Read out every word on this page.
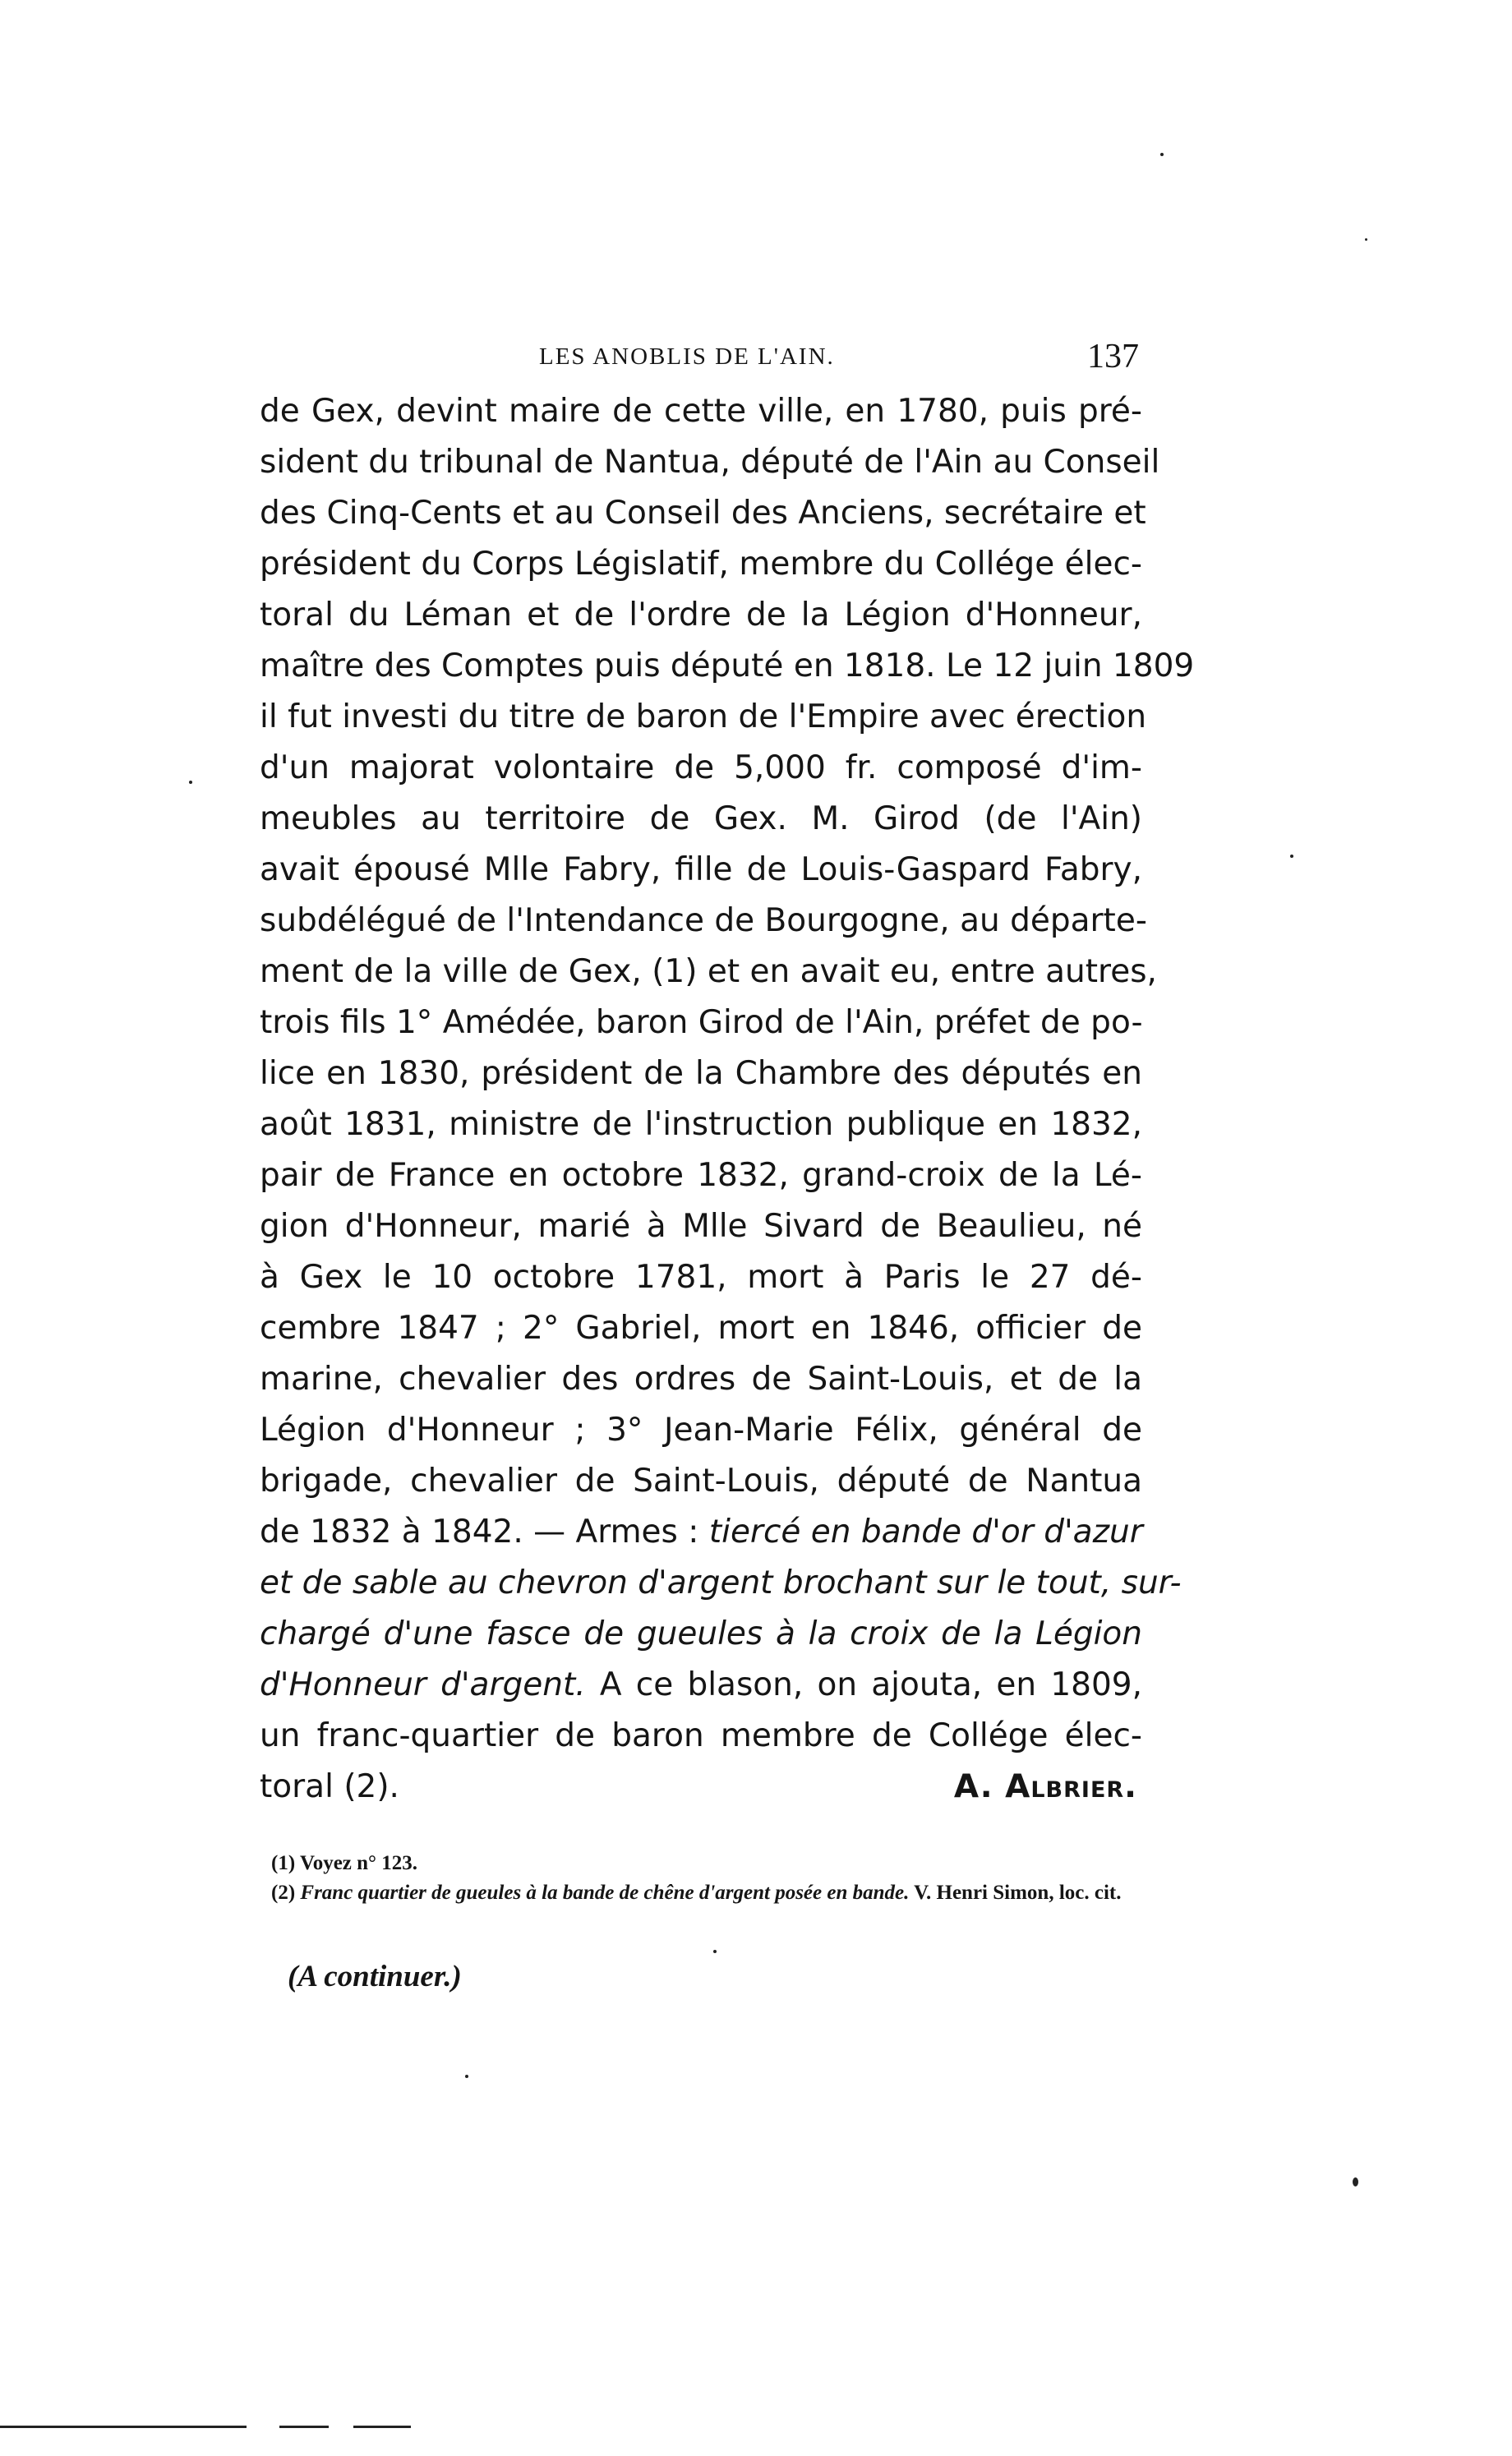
LES ANOBLIS DE L'AIN.	137
de Gex, devint maire de cette ville, en 1780, puis pré-
sident du tribunal de Nantua, député de l'Ain au Conseil
des Cinq-Cents et au Conseil des Anciens, secrétaire et
président du Corps Législatif, membre du Collége élec-
toral du Léman et de l'ordre de la Légion d'Honneur,
maître des Comptes puis député en 1818. Le 12 juin 1809
il fut investi du titre de baron de l'Empire avec érection
d'un majorat volontaire de 5,000 fr. composé d'im-
meubles au territoire de Gex. M. Girod (de l'Ain)
avait épousé Mlle Fabry, fille de Louis-Gaspard Fabry,
subdélégué de l'Intendance de Bourgogne, au départe-
ment de la ville de Gex, (1) et en avait eu, entre autres,
trois fils 1° Amédée, baron Girod de l'Ain, préfet de po-
lice en 1830, président de la Chambre des députés en
août 1831, ministre de l'instruction publique en 1832,
pair de France en octobre 1832, grand-croix de la Lé-
gion d'Honneur, marié à Mlle Sivard de Beaulieu, né
à Gex le 10 octobre 1781, mort à Paris le 27 dé-
cembre 1847 ; 2° Gabriel, mort en 1846, officier de
marine, chevalier des ordres de Saint-Louis, et de la
Légion d'Honneur ; 3° Jean-Marie Félix, général de
brigade, chevalier de Saint-Louis, député de Nantua
de 1832 à 1842. — Armes : tiercé en bande d'or d'azur
et de sable au chevron d'argent brochant sur le tout, sur-
chargé d'une fasce de gueules à la croix de la Légion
d'Honneur d'argent. A ce blason, on ajouta, en 1809,
un franc-quartier de baron membre de Collége élec-
toral (2).	A. Albrier.
(1) Voyez n° 123.
(2) Franc quartier de gueules à la bande de chêne d'argent posée en bande. V. Henri Simon, loc. cit.
(A continuer.)
